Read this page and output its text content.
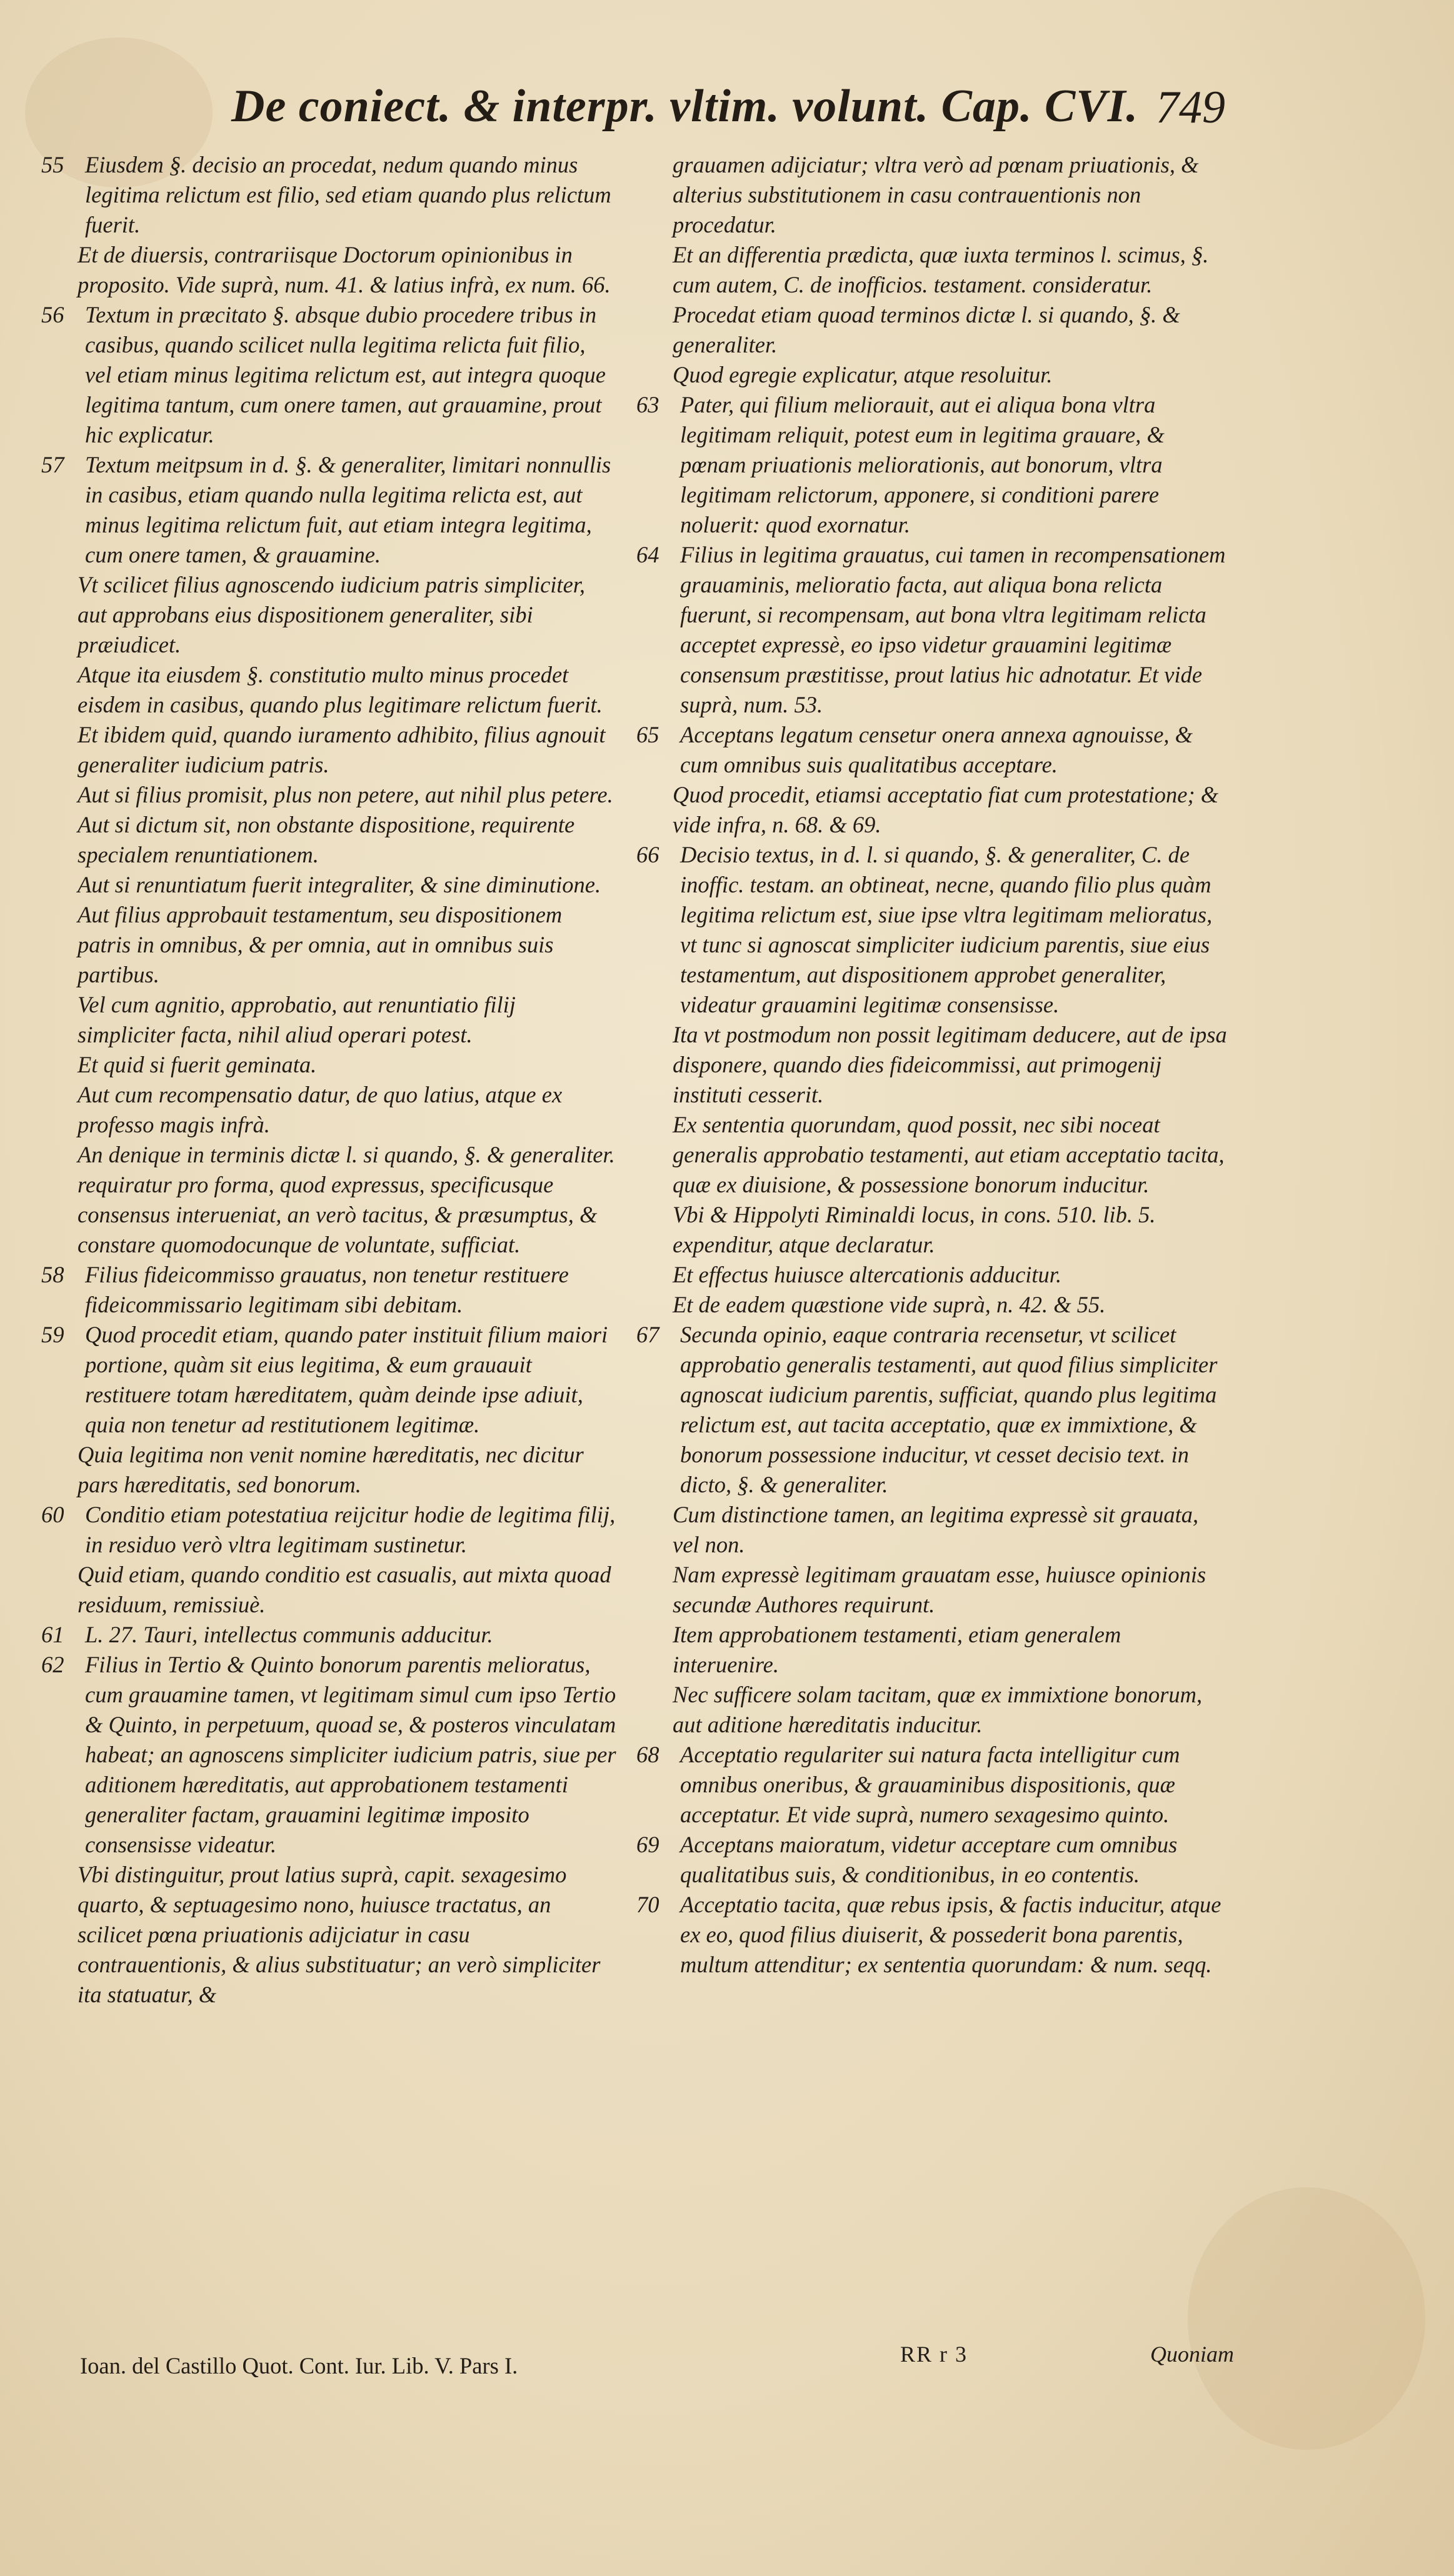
De coniect. & interpr. vltim. volunt. Cap. CVI. 749

55 Eiusdem §. decisio an procedat, nedum quando minus legitima relictum est filio, sed etiam quando plus relictum fuerit.

Et de diuersis, contrariisque Doctorum opinionibus in proposito. Vide suprà, num. 41. & latius infrà, ex num. 66.

56 Textum in præcitato §. absque dubio procedere tribus in casibus, quando scilicet nulla legitima relicta fuit filio, vel etiam minus legitima relictum est, aut integra quoque legitima tantum, cum onere tamen, aut grauamine, prout hic explicatur.

57 Textum meitpsum in d. §. & generaliter, limitari nonnullis in casibus, etiam quando nulla legitima relicta est, aut minus legitima relictum fuit, aut etiam integra legitima, cum onere tamen, & grauamine.

Vt scilicet filius agnoscendo iudicium patris simpliciter, aut approbans eius dispositionem generaliter, sibi præiudicet.

Atque ita eiusdem §. constitutio multo minus procedet eisdem in casibus, quando plus legitimare relictum fuerit.

Et ibidem quid, quando iuramento adhibito, filius agnouit generaliter iudicium patris.

Aut si filius promisit, plus non petere, aut nihil plus petere.

Aut si dictum sit, non obstante dispositione, requirente specialem renuntiationem.

Aut si renuntiatum fuerit integraliter, & sine diminutione.

Aut filius approbauit testamentum, seu dispositionem patris in omnibus, & per omnia, aut in omnibus suis partibus.

Vel cum agnitio, approbatio, aut renuntiatio filij simpliciter facta, nihil aliud operari potest.

Et quid si fuerit geminata.

Aut cum recompensatio datur, de quo latius, atque ex professo magis infrà.

An denique in terminis dictæ l. si quando, §. & generaliter. requiratur pro forma, quod expressus, specificusque consensus interueniat, an verò tacitus, & præsumptus, & constare quomodocunque de voluntate, sufficiat.

58 Filius fideicommisso grauatus, non tenetur restituere fideicommissario legitimam sibi debitam.

59 Quod procedit etiam, quando pater instituit filium maiori portione, quàm sit eius legitima, & eum grauauit restituere totam hæreditatem, quàm deinde ipse adiuit, quia non tenetur ad restitutionem legitimæ.

Quia legitima non venit nomine hæreditatis, nec dicitur pars hæreditatis, sed bonorum.

60 Conditio etiam potestatiua reijcitur hodie de legitima filij, in residuo verò vltra legitimam sustinetur.

Quid etiam, quando conditio est casualis, aut mixta quoad residuum, remissiuè.

61 L. 27. Tauri, intellectus communis adducitur.

62 Filius in Tertio & Quinto bonorum parentis melioratus, cum grauamine tamen, vt legitimam simul cum ipso Tertio & Quinto, in perpetuum, quoad se, & posteros vinculatam habeat; an agnoscens simpliciter iudicium patris, siue per aditionem hæreditatis, aut approbationem testamenti generaliter factam, grauamini legitimæ imposito consensisse videatur.

Vbi distinguitur, prout latius suprà, capit. sexagesimo quarto, & septuagesimo nono, huiusce tractatus, an scilicet pœna priuationis adijciatur in casu contrauentionis, & alius substituatur; an verò simpliciter ita statuatur, &

grauamen adijciatur; vltra verò ad pœnam priuationis, & alterius substitutionem in casu contrauentionis non procedatur.

Et an differentia prædicta, quæ iuxta terminos l. scimus, §. cum autem, C. de inofficios. testament. consideratur. Procedat etiam quoad terminos dictæ l. si quando, §. & generaliter.

Quod egregie explicatur, atque resoluitur.

63 Pater, qui filium meliorauit, aut ei aliqua bona vltra legitimam reliquit, potest eum in legitima grauare, & pœnam priuationis meliorationis, aut bonorum, vltra legitimam relictorum, apponere, si conditioni parere noluerit: quod exornatur.

64 Filius in legitima grauatus, cui tamen in recompensationem grauaminis, melioratio facta, aut aliqua bona relicta fuerunt, si recompensam, aut bona vltra legitimam relicta acceptet expressè, eo ipso videtur grauamini legitimæ consensum præstitisse, prout latius hic adnotatur. Et vide suprà, num. 53.

65 Acceptans legatum censetur onera annexa agnouisse, & cum omnibus suis qualitatibus acceptare.

Quod procedit, etiamsi acceptatio fiat cum protestatione; & vide infra, n. 68. & 69.

66 Decisio textus, in d. l. si quando, §. & generaliter, C. de inoffic. testam. an obtineat, necne, quando filio plus quàm legitima relictum est, siue ipse vltra legitimam melioratus, vt tunc si agnoscat simpliciter iudicium parentis, siue eius testamentum, aut dispositionem approbet generaliter, videatur grauamini legitimæ consensisse.

Ita vt postmodum non possit legitimam deducere, aut de ipsa disponere, quando dies fideicommissi, aut primogenij instituti cesserit.

Ex sententia quorundam, quod possit, nec sibi noceat generalis approbatio testamenti, aut etiam acceptatio tacita, quæ ex diuisione, & possessione bonorum inducitur.

Vbi & Hippolyti Riminaldi locus, in cons. 510. lib. 5. expenditur, atque declaratur.

Et effectus huiusce altercationis adducitur.

Et de eadem quæstione vide suprà, n. 42. & 55.

67 Secunda opinio, eaque contraria recensetur, vt scilicet approbatio generalis testamenti, aut quod filius simpliciter agnoscat iudicium parentis, sufficiat, quando plus legitima relictum est, aut tacita acceptatio, quæ ex immixtione, & bonorum possessione inducitur, vt cesset decisio text. in dicto, §. & generaliter.

Cum distinctione tamen, an legitima expressè sit grauata, vel non.

Nam expressè legitimam grauatam esse, huiusce opinionis secundæ Authores requirunt.

Item approbationem testamenti, etiam generalem interuenire.

Nec sufficere solam tacitam, quæ ex immixtione bonorum, aut aditione hæreditatis inducitur.

68 Acceptatio regulariter sui natura facta intelligitur cum omnibus oneribus, & grauaminibus dispositionis, quæ acceptatur. Et vide suprà, numero sexagesimo quinto.

69 Acceptans maioratum, videtur acceptare cum omnibus qualitatibus suis, & conditionibus, in eo contentis.

70 Acceptatio tacita, quæ rebus ipsis, & factis inducitur, atque ex eo, quod filius diuiserit, & possederit bona parentis, multum attenditur; ex sententia quorundam: & num. seqq.

Ioan. del Castillo Quot. Cont. Iur. Lib. V. Pars I.	RR r 3	Quoniam
